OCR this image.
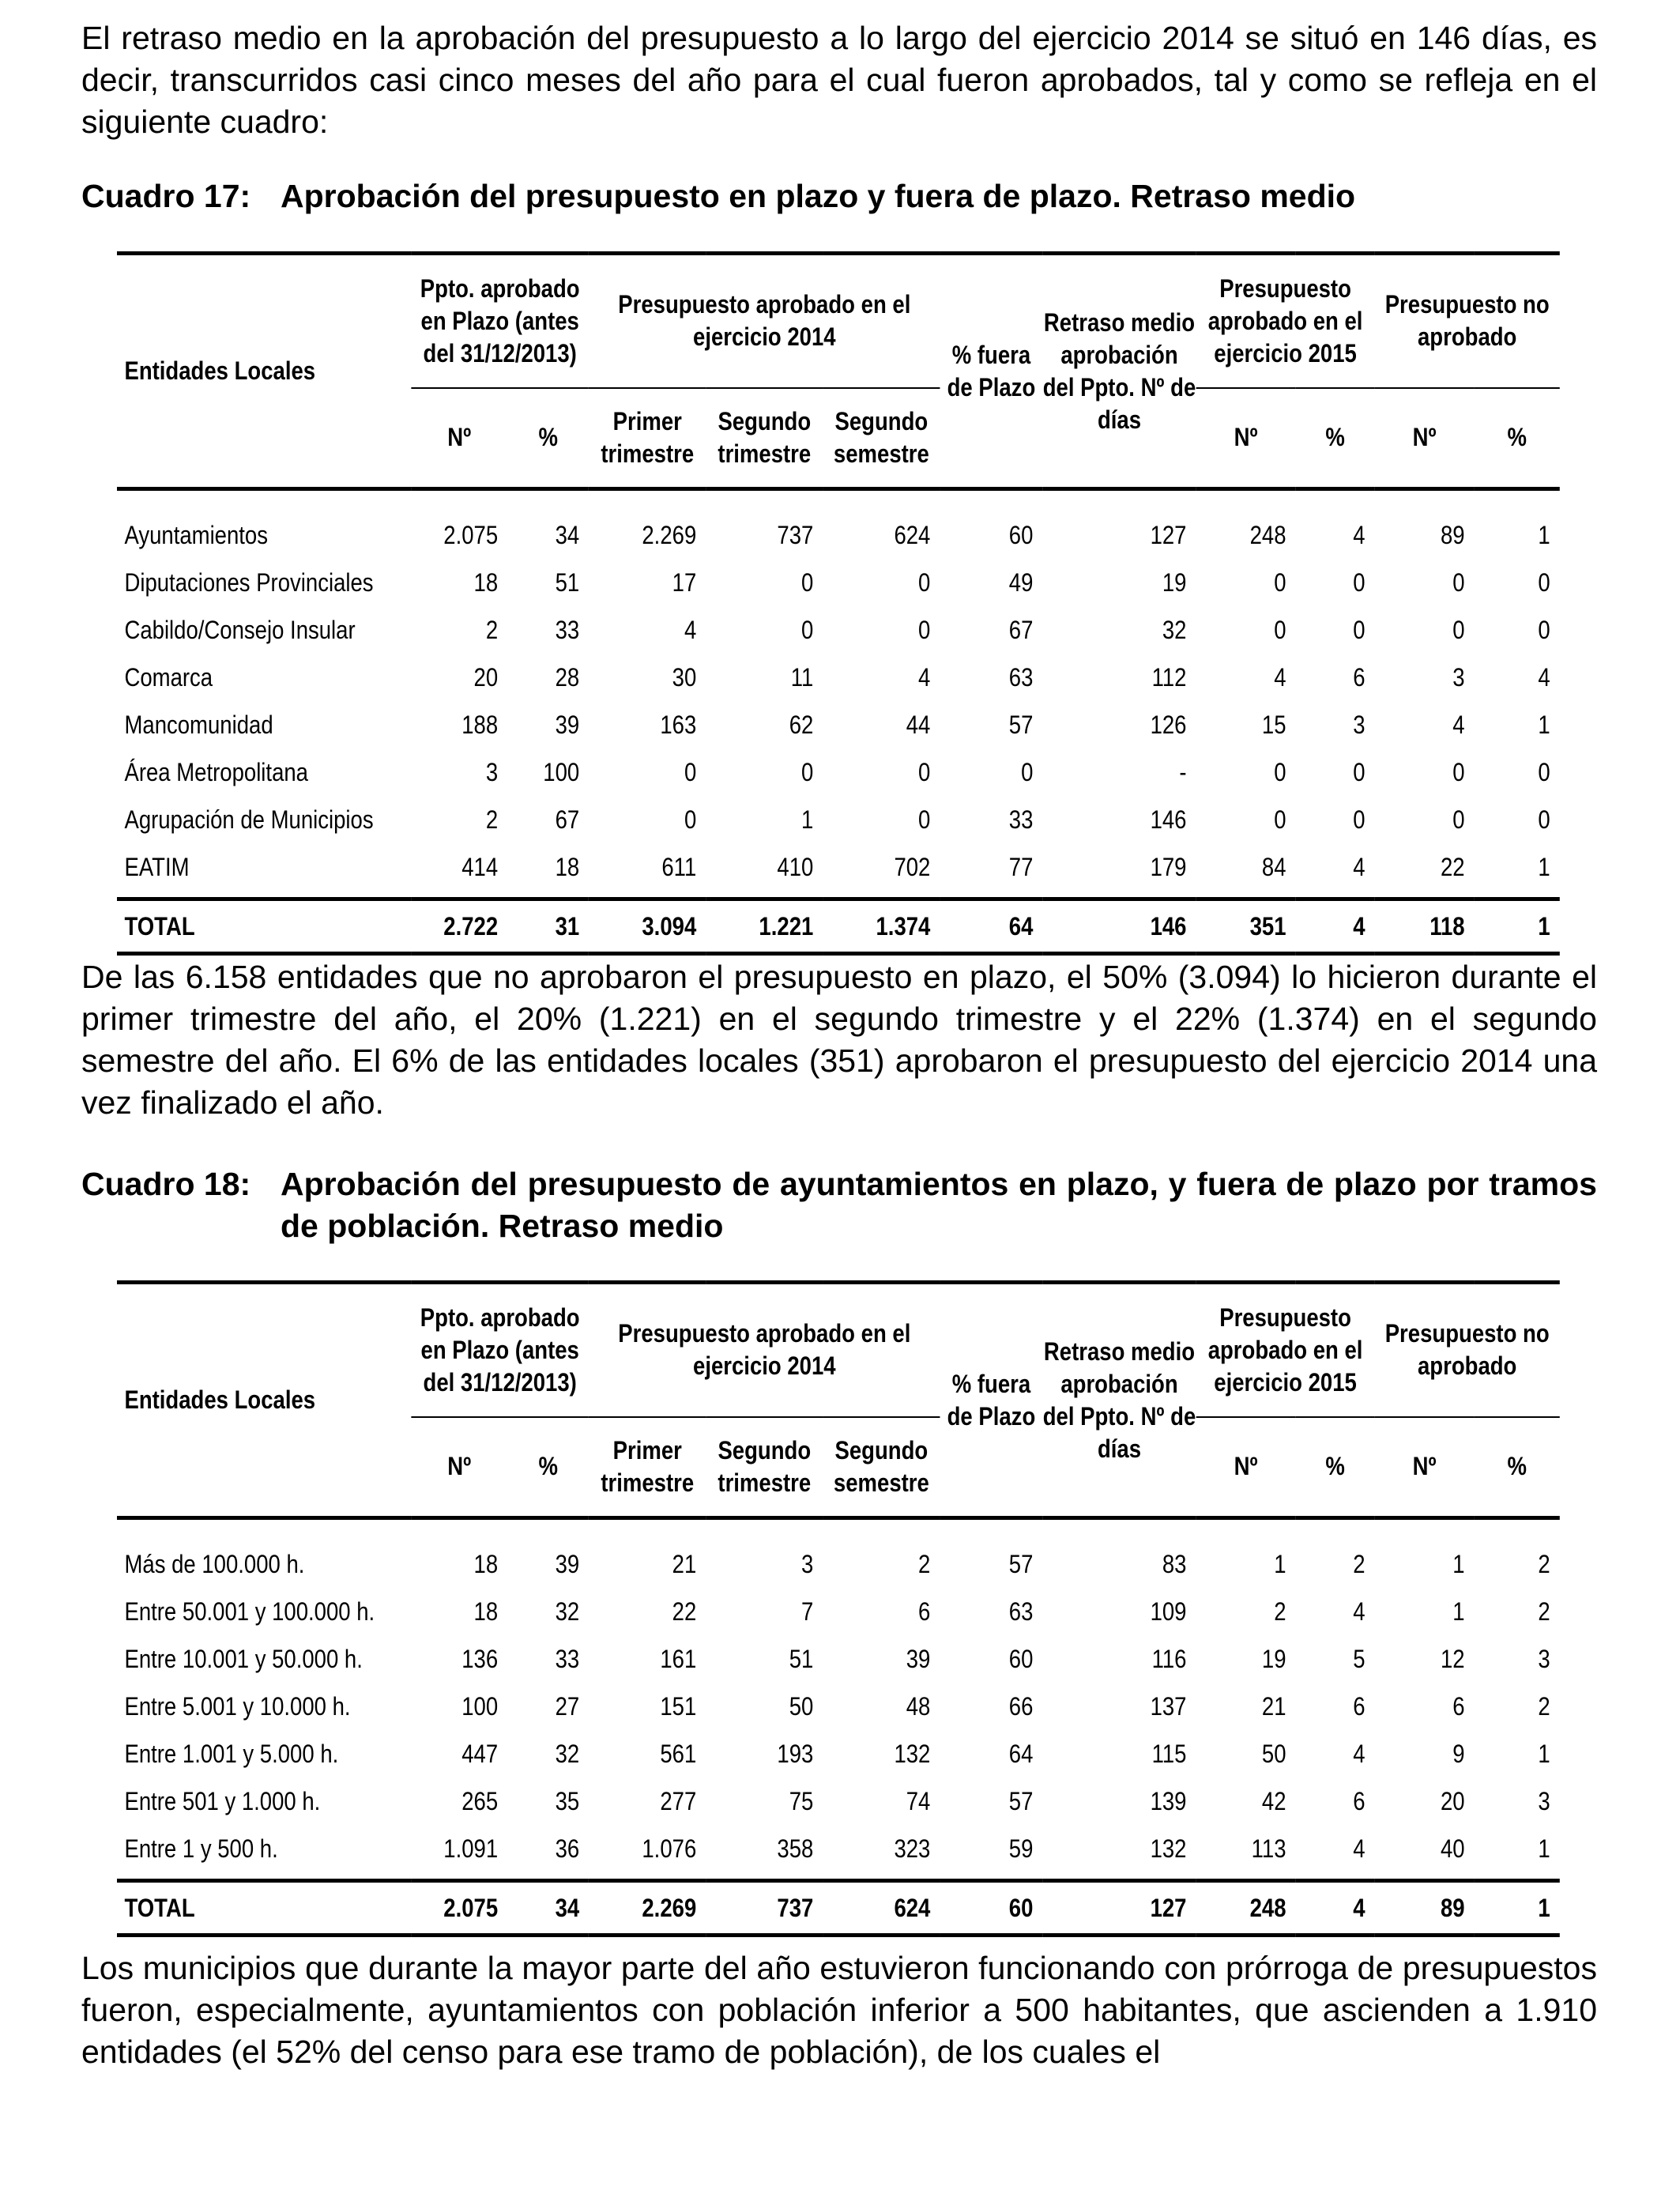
El retraso medio en la aprobación del presupuesto a lo largo del ejercicio 2014 se situó en 146 días, es decir, transcurridos casi cinco meses del año para el cual fueron aprobados, tal y como se refleja en el siguiente cuadro:
Cuadro 17: Aprobación del presupuesto en plazo y fuera de plazo. Retraso medio
Entidades Locales	Ppto. aprobado en Plazo (antes del 31/12/2013)		Presupuesto aprobado en el ejercicio 2014			% fuera de Plazo	Retraso medio aprobación del Ppto. Nº de días	Presupuesto aprobado en el ejercicio 2015		Presupuesto no aprobado	
	Nº	%	Primer trimestre	Segundo trimestre	Segundo semestre			Nº	%	Nº	%
Ayuntamientos	2.075	34	2.269	737	624	60	127	248	4	89	1
Diputaciones Provinciales	18	51	17	0	0	49	19	0	0	0	0
Cabildo/Consejo Insular	2	33	4	0	0	67	32	0	0	0	0
Comarca	20	28	30	11	4	63	112	4	6	3	4
Mancomunidad	188	39	163	62	44	57	126	15	3	4	1
Área Metropolitana	3	100	0	0	0	0	-	0	0	0	0
Agrupación de Municipios	2	67	0	1	0	33	146	0	0	0	0
EATIM	414	18	611	410	702	77	179	84	4	22	1
TOTAL	2.722	31	3.094	1.221	1.374	64	146	351	4	118	1
De las 6.158 entidades que no aprobaron el presupuesto en plazo, el 50% (3.094) lo hicieron durante el primer trimestre del año, el 20% (1.221) en el segundo trimestre y el 22% (1.374) en el segundo semestre del año. El 6% de las entidades locales (351) aprobaron el presupuesto del ejercicio 2014 una vez finalizado el año.
Cuadro 18: Aprobación del presupuesto de ayuntamientos en plazo, y fuera de plazo por tramos de población. Retraso medio
Entidades Locales	Ppto. aprobado en Plazo (antes del 31/12/2013)		Presupuesto aprobado en el ejercicio 2014			% fuera de Plazo	Retraso medio aprobación del Ppto. Nº de días	Presupuesto aprobado en el ejercicio 2015		Presupuesto no aprobado	
	Nº	%	Primer trimestre	Segundo trimestre	Segundo semestre			Nº	%	Nº	%
Más de 100.000 h.	18	39	21	3	2	57	83	1	2	1	2
Entre 50.001 y 100.000 h.	18	32	22	7	6	63	109	2	4	1	2
Entre 10.001 y 50.000 h.	136	33	161	51	39	60	116	19	5	12	3
Entre 5.001 y 10.000 h.	100	27	151	50	48	66	137	21	6	6	2
Entre 1.001 y 5.000 h.	447	32	561	193	132	64	115	50	4	9	1
Entre 501 y 1.000 h.	265	35	277	75	74	57	139	42	6	20	3
Entre 1 y 500 h.	1.091	36	1.076	358	323	59	132	113	4	40	1
TOTAL	2.075	34	2.269	737	624	60	127	248	4	89	1
Los municipios que durante la mayor parte del año estuvieron funcionando con prórroga de presupuestos fueron, especialmente, ayuntamientos con población inferior a 500 habitantes, que ascienden a 1.910 entidades (el 52% del censo para ese tramo de población), de los cuales el
